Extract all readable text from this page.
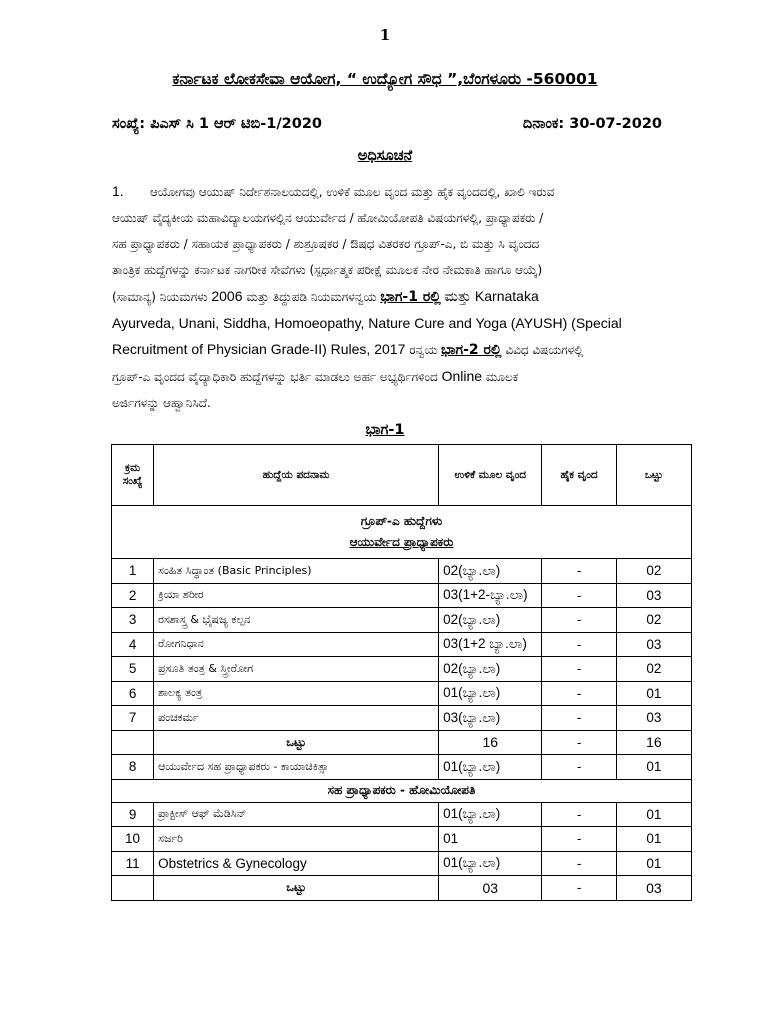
1
ಕರ್ನಾಟಕ ಲೋಕಸೇವಾ ಆಯೋಗ, “ ಉದ್ಯೋಗ ಸೌಧ ”,ಬೆಂಗಳೂರು -560001
ಸಂಖ್ಯೆ: ಪಿಎಸ್ ಸಿ 1 ಆರ್ ಟಿಬಿ-1/2020	ದಿನಾಂಕ: 30-07-2020
ಅಧಿಸೂಚನೆ
1. ಆಯೋಗವು ಆಯುಷ್ ನಿರ್ದೇಶನಾಲಯದಲ್ಲಿ, ಉಳಿಕೆ ಮೂಲ ವೃಂದ ಮತ್ತು ಹೈಕ ವೃಂದದಲ್ಲಿ, ಖಾಲಿ ಇರುವ
ಆಯುಷ್ ವೈದ್ಯಕೀಯ ಮಹಾವಿದ್ಯಾಲಯಗಳಲ್ಲಿನ ಆಯುರ್ವೇದ / ಹೋಮಿಯೋಪತಿ ವಿಷಯಗಳಲ್ಲಿ, ಪ್ರಾಧ್ಯಾಪಕರು /
ಸಹ ಪ್ರಾಧ್ಯಾಪಕರು / ಸಹಾಯಕ ಪ್ರಾಧ್ಯಾಪಕರು / ಶುಶ್ರೂಷಕರ / ಔಷಧ ವಿತರಕರ ಗ್ರೂಪ್-ಎ, ಬಿ ಮತ್ತು ಸಿ ವೃಂದದ
ತಾಂತ್ರಿಕ ಹುದ್ದೆಗಳನ್ನು ಕರ್ನಾಟಕ ನಾಗರೀಕ ಸೇವೆಗಳು (ಸ್ಪರ್ಧಾತ್ಮಕ ಪರೀಕ್ಷೆ ಮೂಲಕ ನೇರ ನೇಮಕಾತಿ ಹಾಗೂ ಆಯ್ಕೆ)
(ಸಾಮಾನ್ಯ) ನಿಯಮಗಳು 2006 ಮತ್ತು ತಿದ್ದುಪಡಿ ನಿಯಮಗಳನ್ವಯ ಭಾಗ-1 ರಲ್ಲಿ ಮತ್ತು Karnataka
Ayurveda, Unani, Siddha, Homoeopathy, Nature Cure and Yoga (AYUSH) (Special
Recruitment of Physician Grade-II) Rules, 2017 ರನ್ವಯ ಭಾಗ-2 ರಲ್ಲಿ ವಿವಿಧ ವಿಷಯಗಳಲ್ಲಿ
ಗ್ರೂಪ್-ಎ ವೃಂದದ ವೈದ್ಯಾಧಿಕಾರಿ ಹುದ್ದೆಗಳನ್ನು ಭರ್ತಿ ಮಾಡಲು ಅರ್ಹ ಅಭ್ಯರ್ಥಿಗಳಿಂದ Online ಮೂಲಕ
ಅರ್ಜಿಗಳನ್ನು ಆಹ್ವಾನಿಸಿದೆ.
ಭಾಗ-1
ಕ್ರಮ ಸಂಖ್ಯೆ	ಹುದ್ದೆಯ ಪದನಾಮ	ಉಳಿಕೆ ಮೂಲ ವೃಂದ	ಹೈಕ ವೃಂದ	ಒಟ್ಟು
ಗ್ರೂಪ್-ಎ ಹುದ್ದೆಗಳು
ಆಯುರ್ವೇದ ಪ್ರಾಧ್ಯಾಪಕರು				
1	ಸಂಹಿತ ಸಿದ್ಧಾಂತ (Basic Principles)	02(ಬ್ಯಾ.ಲಾ)	-	02
2	ಕ್ರಿಯಾ ಶರೀರ	03(1+2-ಬ್ಯಾ.ಲಾ)	-	03
3	ರಸಶಾಸ್ತ್ರ & ಭೈಷಜ್ಯ ಕಲ್ಪನ	02(ಬ್ಯಾ.ಲಾ)	-	02
4	ರೋಗನಿಧಾನ	03(1+2 ಬ್ಯಾ.ಲಾ)	-	03
5	ಪ್ರಸೂತಿ ತಂತ್ರ & ಸ್ತ್ರೀರೋಗ	02(ಬ್ಯಾ.ಲಾ)	-	02
6	ಶಾಲಕ್ಯ ತಂತ್ರ	01(ಬ್ಯಾ.ಲಾ)	-	01
7	ಪಂಚಕರ್ಮ	03(ಬ್ಯಾ.ಲಾ)	-	03
	ಒಟ್ಟು	16	-	16
8	ಆಯುರ್ವೇದ ಸಹ ಪ್ರಾಧ್ಯಾಪಕರು - ಕಾಯಾಚಿಕಿತ್ಸಾ	01(ಬ್ಯಾ.ಲಾ)	-	01
ಸಹ ಪ್ರಾಧ್ಯಾಪಕರು - ಹೋಮಿಯೋಪತಿ				
9	ಪ್ರಾಕ್ಟೀಸ್ ಆಫ್ ಮೆಡಿಸಿನ್	01(ಬ್ಯಾ.ಲಾ)	-	01
10	ಸರ್ಜರಿ	01	-	01
11	Obstetrics & Gynecology	01(ಬ್ಯಾ.ಲಾ)	-	01
	ಒಟ್ಟು	03	-	03
